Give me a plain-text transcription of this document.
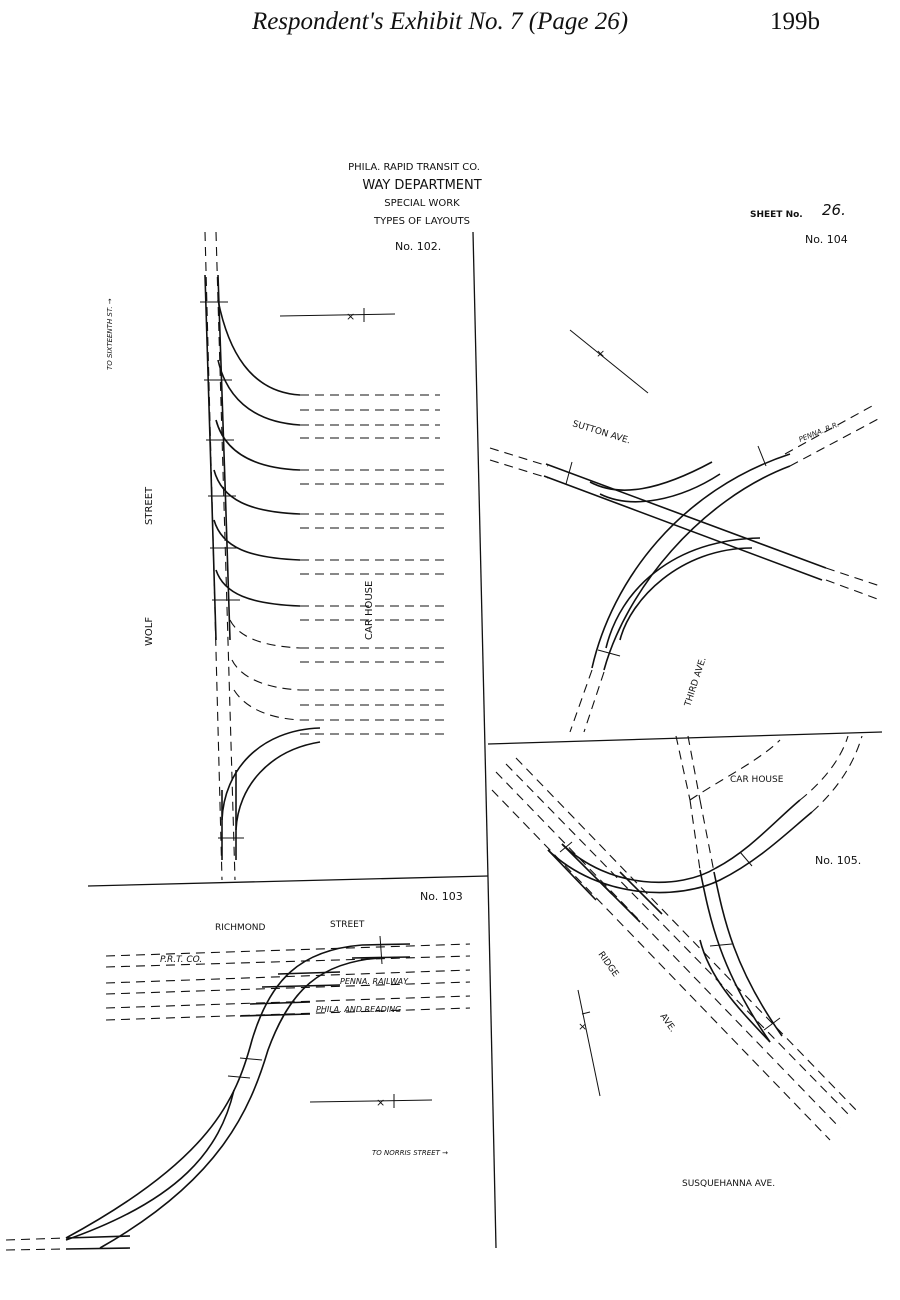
Respondent's Exhibit No. 7 (Page 26)	199b
PHILA. RAPID TRANSIT CO.
WAY DEPARTMENT
SPECIAL WORK
TYPES OF LAYOUTS
SHEET No. 26.
No. 102.
TO SIXTEENTH ST. →
WOLF
STREET
CAR HOUSE
×
No. 104
SUTTON AVE.
THIRD AVE.
PENNA. R.R.
×
No. 103
RICHMOND	STREET
P.R.T. CO.
PENNA. RAILWAY
PHILA. AND READING
TO NORRIS STREET →
×
No. 105.
CAR HOUSE
RIDGE
AVE.
SUSQUEHANNA AVE.
×
